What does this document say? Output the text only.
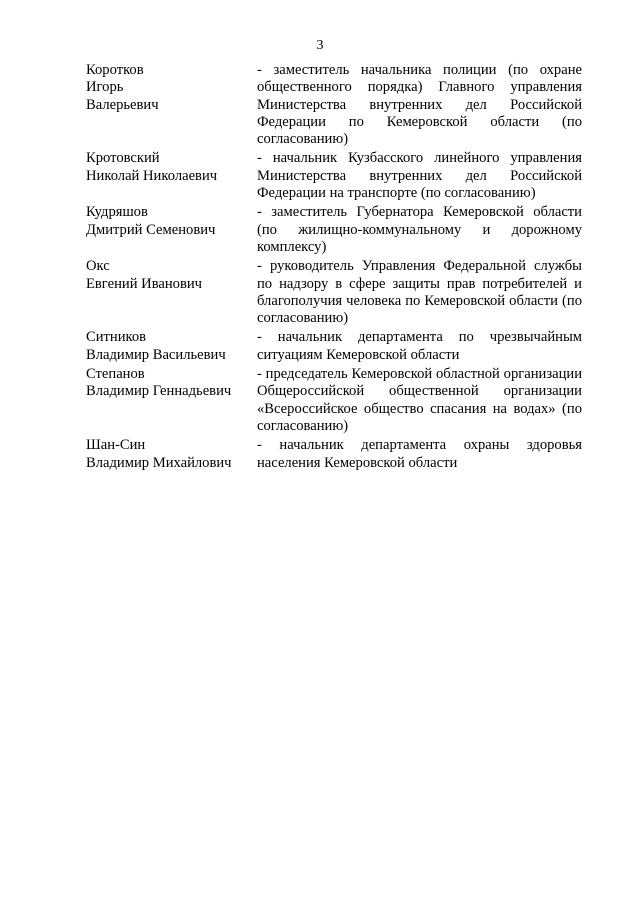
3
Коротков
Игорь
Валерьевич
- заместитель начальника полиции (по охране общественного порядка) Главного управления Министерства внутренних дел Российской Федерации по Кемеровской области (по согласованию)
Кротовский
Николай Николаевич
- начальник Кузбасского линейного управления Министерства внутренних дел Российской Федерации на транспорте (по согласованию)
Кудряшов
Дмитрий Семенович
- заместитель Губернатора Кемеровской области (по жилищно-коммунальному и дорожному комплексу)
Окс
Евгений Иванович
- руководитель Управления Федеральной службы по надзору в сфере защиты прав потребителей и благополучия человека по Кемеровской области (по согласованию)
Ситников
Владимир Васильевич
- начальник департамента по чрезвычайным ситуациям Кемеровской области
Степанов
Владимир Геннадьевич
- председатель Кемеровской областной организации Общероссийской общественной организации «Всероссийское общество спасания на водах» (по согласованию)
Шан-Син
Владимир Михайлович
- начальник департамента охраны здоровья населения Кемеровской области
